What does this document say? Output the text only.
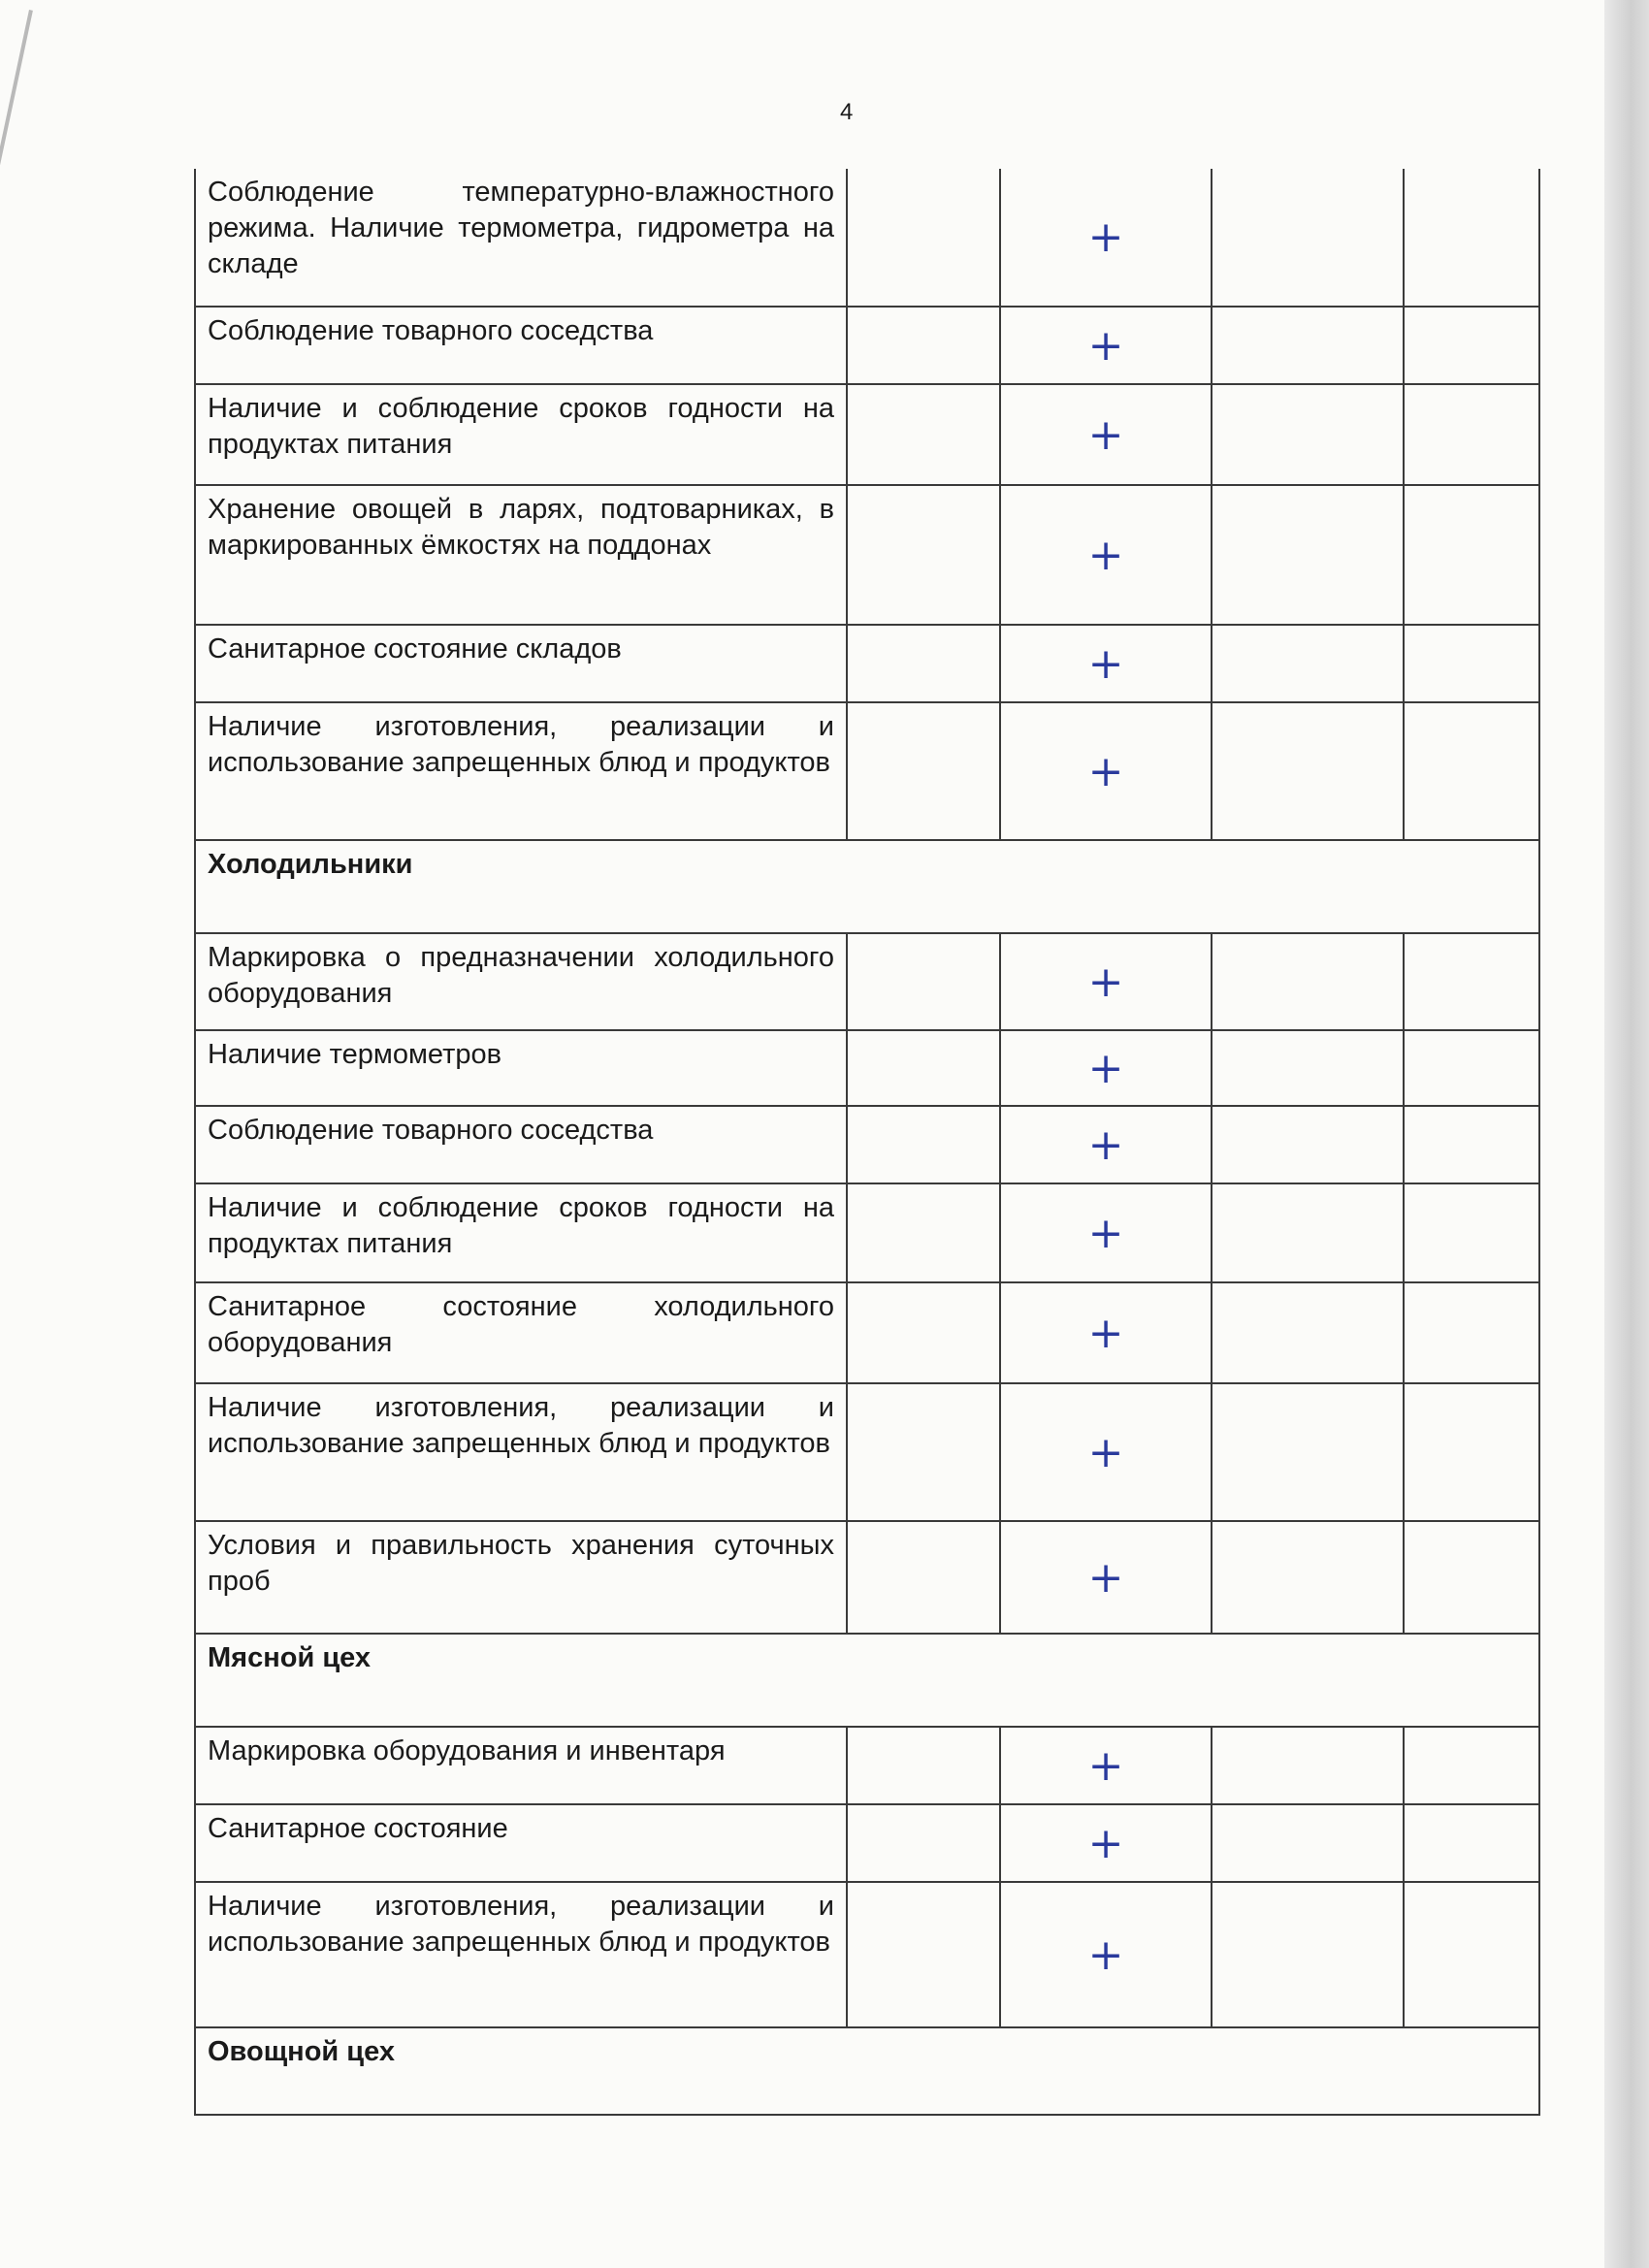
4
Соблюдение температурно-влажностного режима. Наличие термометра, гидрометра на складе		+		
Соблюдение товарного соседства		+		
Наличие и соблюдение сроков годности на продуктах питания		+		
Хранение овощей в ларях, подтоварниках, в маркированных ёмкостях на поддонах		+		
Санитарное состояние складов		+		
Наличие изготовления, реализации и использование запрещенных блюд и продуктов		+		
Холодильники				
Маркировка о предназначении холодильного оборудования		+		
Наличие термометров		+		
Соблюдение товарного соседства		+		
Наличие и соблюдение сроков годности на продуктах питания		+		
Санитарное состояние холодильного оборудования		+		
Наличие изготовления, реализации и использование запрещенных блюд и продуктов		+		
Условия и правильность хранения суточных проб		+		
Мясной цех				
Маркировка оборудования и инвентаря		+		
Санитарное состояние		+		
Наличие изготовления, реализации и использование запрещенных блюд и продуктов		+		
Овощной цех				
